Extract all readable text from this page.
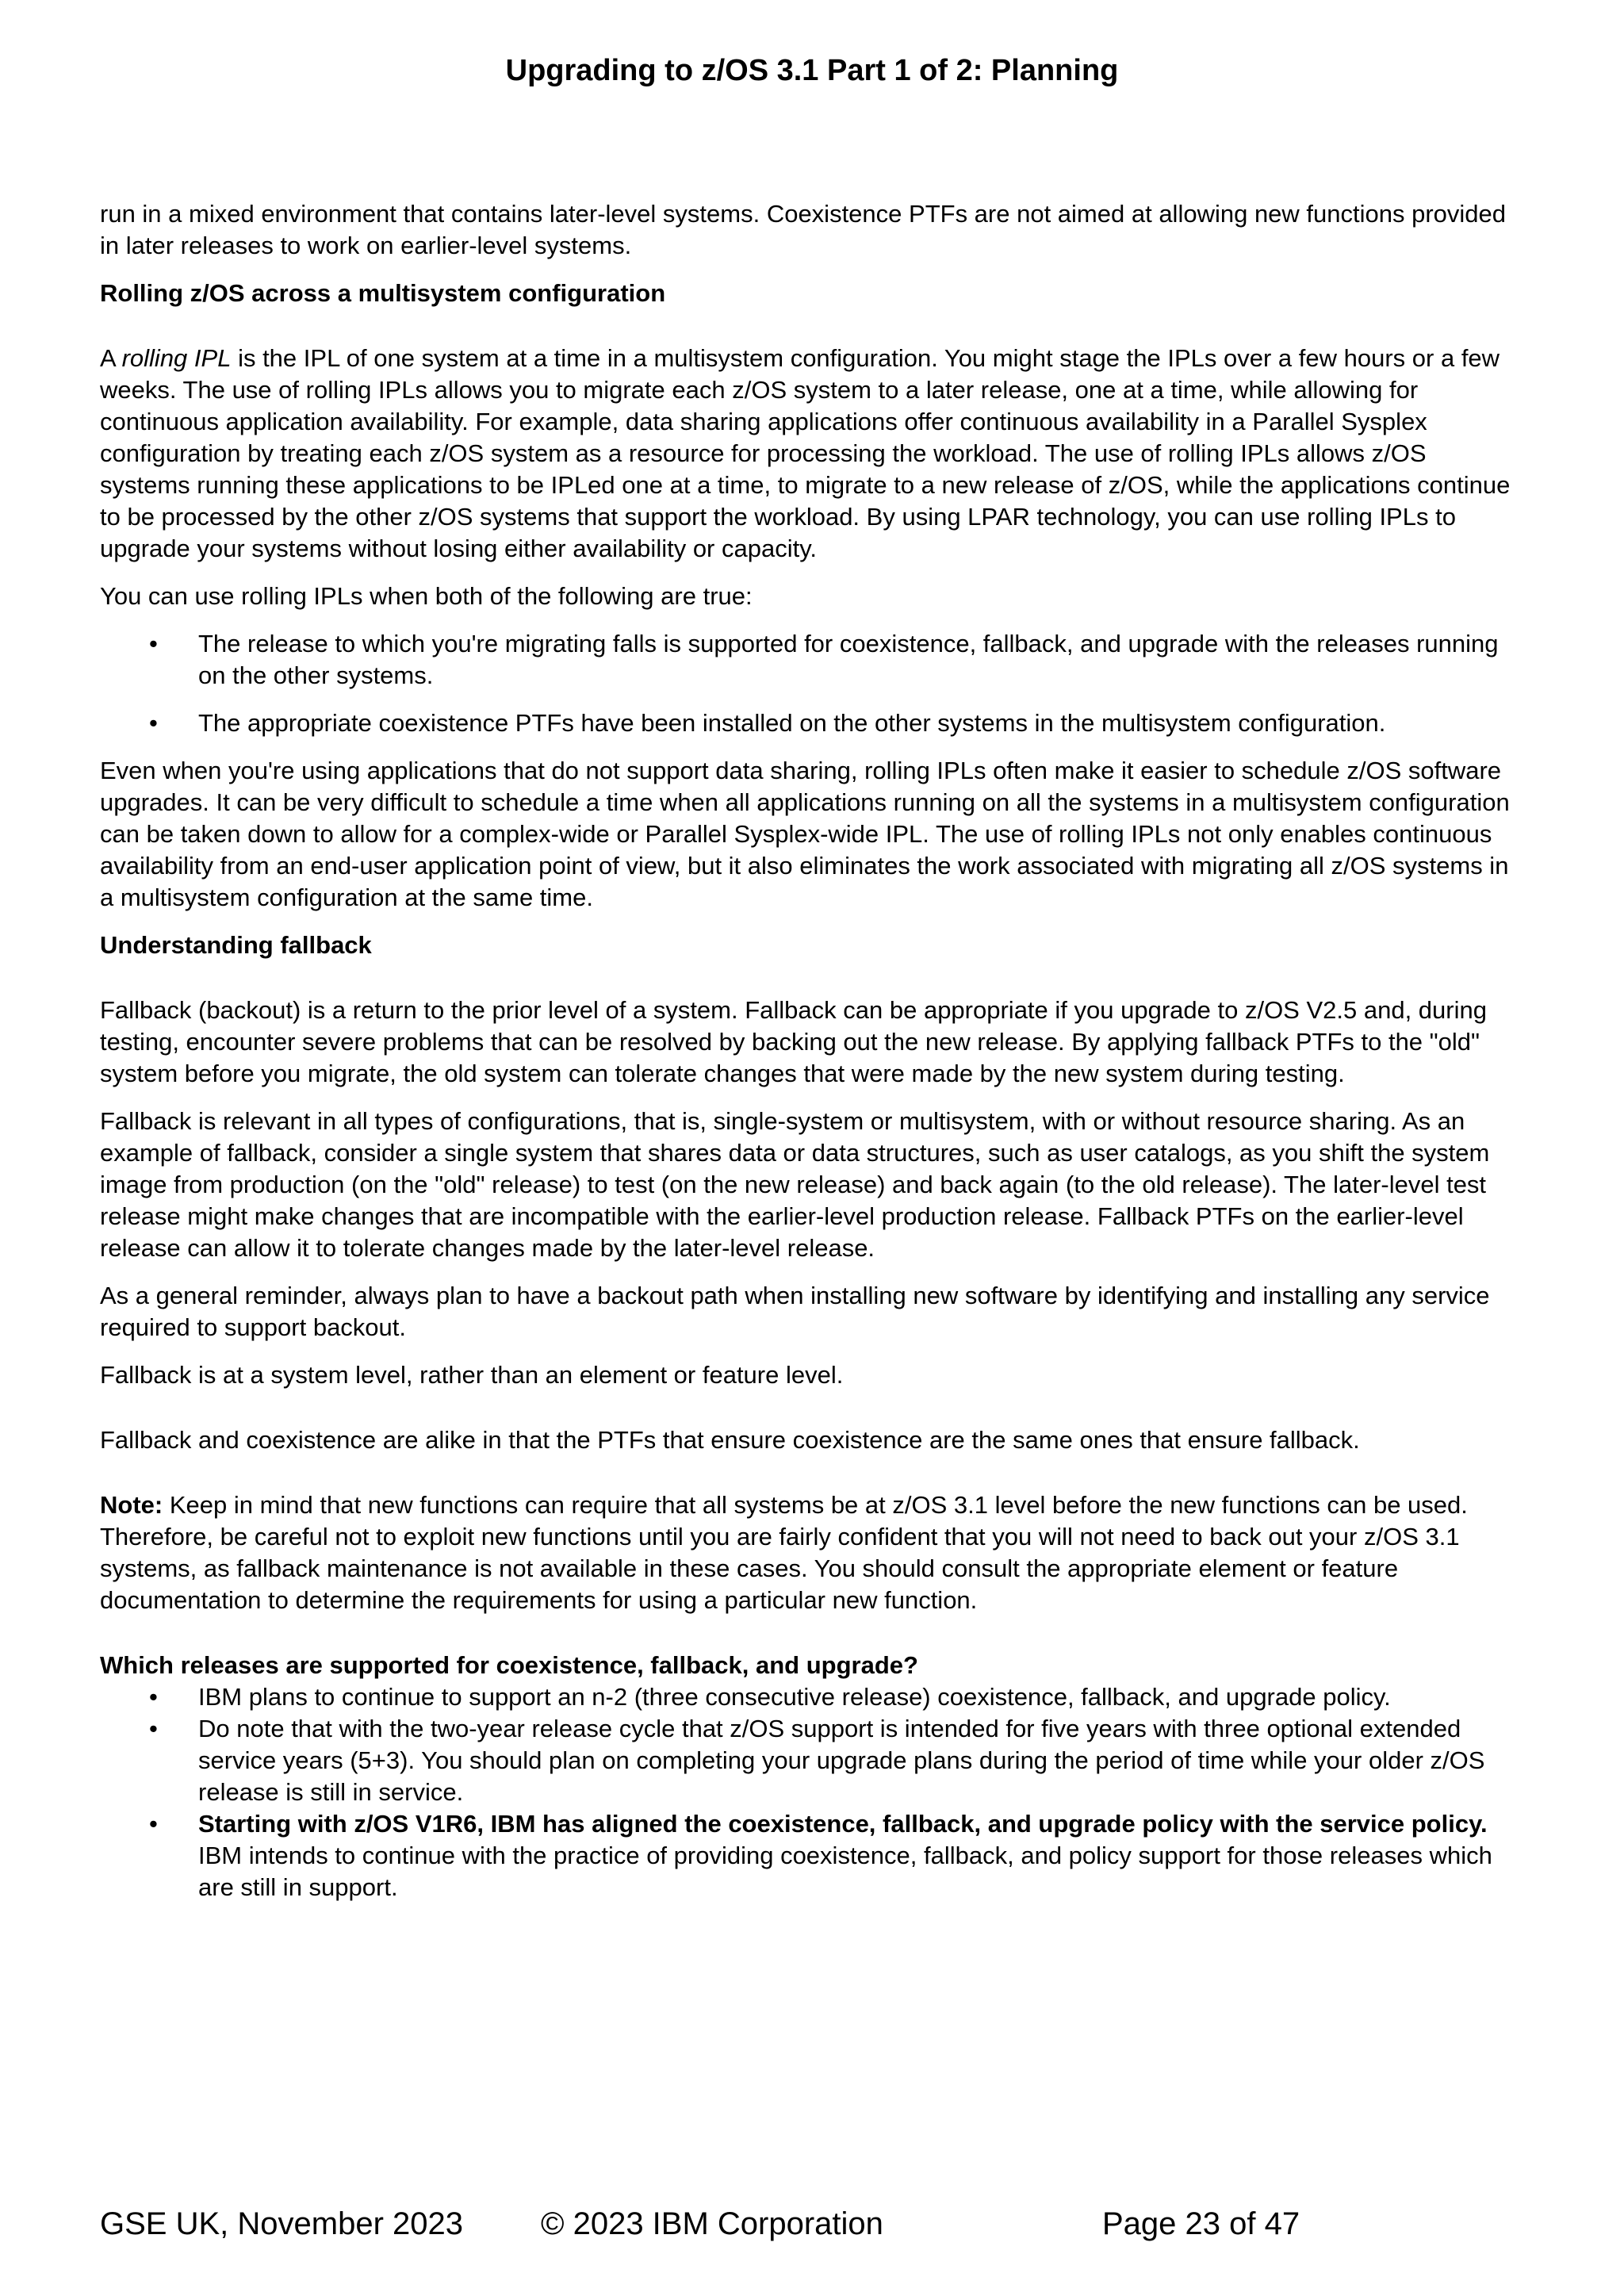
Upgrading to z/OS 3.1 Part 1 of 2: Planning

run in a mixed environment that contains later-level systems. Coexistence PTFs are not aimed at allowing new functions provided in later releases to work on earlier-level systems.

Rolling z/OS across a multisystem configuration

A rolling IPL is the IPL of one system at a time in a multisystem configuration. You might stage the IPLs over a few hours or a few weeks. The use of rolling IPLs allows you to migrate each z/OS system to a later release, one at a time, while allowing for continuous application availability. For example, data sharing applications offer continuous availability in a Parallel Sysplex configuration by treating each z/OS system as a resource for processing the workload. The use of rolling IPLs allows z/OS systems running these applications to be IPLed one at a time, to migrate to a new release of z/OS, while the applications continue to be processed by the other z/OS systems that support the workload. By using LPAR technology, you can use rolling IPLs to upgrade your systems without losing either availability or capacity.

You can use rolling IPLs when both of the following are true:

• The release to which you're migrating falls is supported for coexistence, fallback, and upgrade with the releases running on the other systems.
• The appropriate coexistence PTFs have been installed on the other systems in the multisystem configuration.

Even when you're using applications that do not support data sharing, rolling IPLs often make it easier to schedule z/OS software upgrades. It can be very difficult to schedule a time when all applications running on all the systems in a multisystem configuration can be taken down to allow for a complex-wide or Parallel Sysplex-wide IPL. The use of rolling IPLs not only enables continuous availability from an end-user application point of view, but it also eliminates the work associated with migrating all z/OS systems in a multisystem configuration at the same time.

Understanding fallback

Fallback (backout) is a return to the prior level of a system. Fallback can be appropriate if you upgrade to z/OS V2.5 and, during testing, encounter severe problems that can be resolved by backing out the new release. By applying fallback PTFs to the "old" system before you migrate, the old system can tolerate changes that were made by the new system during testing.

Fallback is relevant in all types of configurations, that is, single-system or multisystem, with or without resource sharing. As an example of fallback, consider a single system that shares data or data structures, such as user catalogs, as you shift the system image from production (on the "old" release) to test (on the new release) and back again (to the old release). The later-level test release might make changes that are incompatible with the earlier-level production release. Fallback PTFs on the earlier-level release can allow it to tolerate changes made by the later-level release.

As a general reminder, always plan to have a backout path when installing new software by identifying and installing any service required to support backout.

Fallback is at a system level, rather than an element or feature level.

Fallback and coexistence are alike in that the PTFs that ensure coexistence are the same ones that ensure fallback.

Note: Keep in mind that new functions can require that all systems be at z/OS 3.1 level before the new functions can be used. Therefore, be careful not to exploit new functions until you are fairly confident that you will not need to back out your z/OS 3.1 systems, as fallback maintenance is not available in these cases. You should consult the appropriate element or feature documentation to determine the requirements for using a particular new function.

Which releases are supported for coexistence, fallback, and upgrade?

• IBM plans to continue to support an n-2 (three consecutive release) coexistence, fallback, and upgrade policy.
• Do note that with the two-year release cycle that z/OS support is intended for five years with three optional extended service years (5+3). You should plan on completing your upgrade plans during the period of time while your older z/OS release is still in service.
• Starting with z/OS V1R6, IBM has aligned the coexistence, fallback, and upgrade policy with the service policy. IBM intends to continue with the practice of providing coexistence, fallback, and policy support for those releases which are still in support.
GSE UK, November 2023 © 2023 IBM Corporation	Page 23 of 47
